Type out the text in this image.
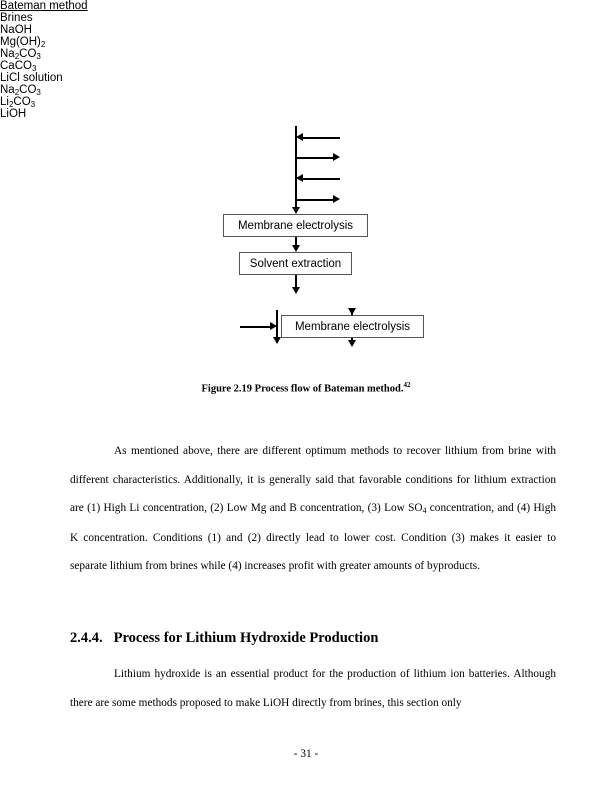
Bateman method
Brines
NaOH
$Mg(OH)_2$
$Na_2CO_3$
CaCO$_3$
Membrane electrolysis
Solvent extraction
LiCl solution
$Na_2CO_3$
Membrane electrolysis
$Li_2CO_3$
LiOH
Figure 2.19 Process flow of Bateman method.$^{42}$

As mentioned above, there are different optimum methods to recover lithium from brine with different characteristics. Additionally, it is generally said that favorable conditions for lithium extraction are (1) High Li concentration, (2) Low Mg and B concentration, (3) Low $SO_4$ concentration, and (4) High K concentration. Conditions (1) and (2) directly lead to lower cost. Condition (3) makes it easier to separate lithium from brines while (4) increases profit with greater amounts of byproducts.

2.4.4. Process for Lithium Hydroxide Production

Lithium hydroxide is an essential product for the production of lithium ion batteries. Although there are some methods proposed to make LiOH directly from brines, this section only

- 31 -
